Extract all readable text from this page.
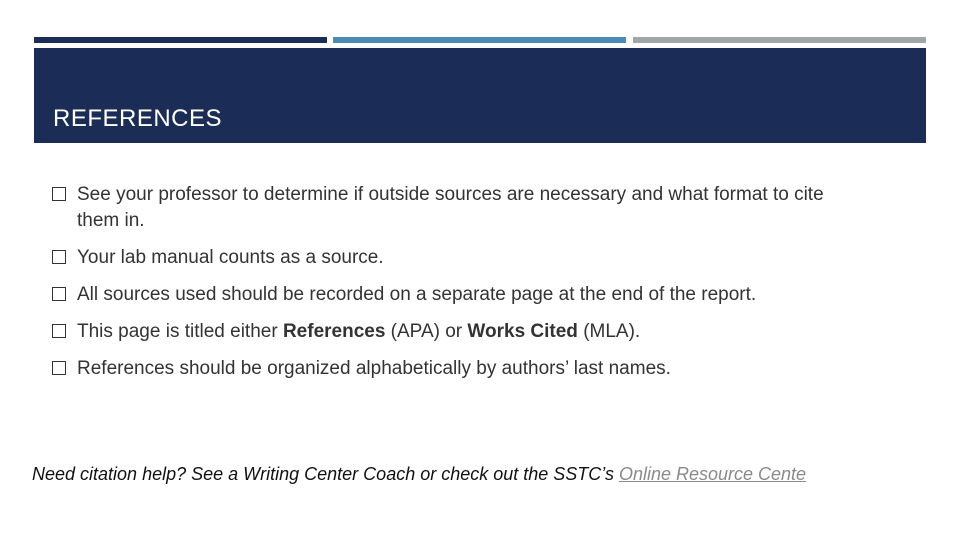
REFERENCES
See your professor to determine if outside sources are necessary and what format to cite them in.
Your lab manual counts as a source.
All sources used should be recorded on a separate page at the end of the report.
This page is titled either References (APA) or Works Cited (MLA).
References should be organized alphabetically by authors’ last names.

Need citation help? See a Writing Center Coach or check out the SSTC’s Online Resource Cente
